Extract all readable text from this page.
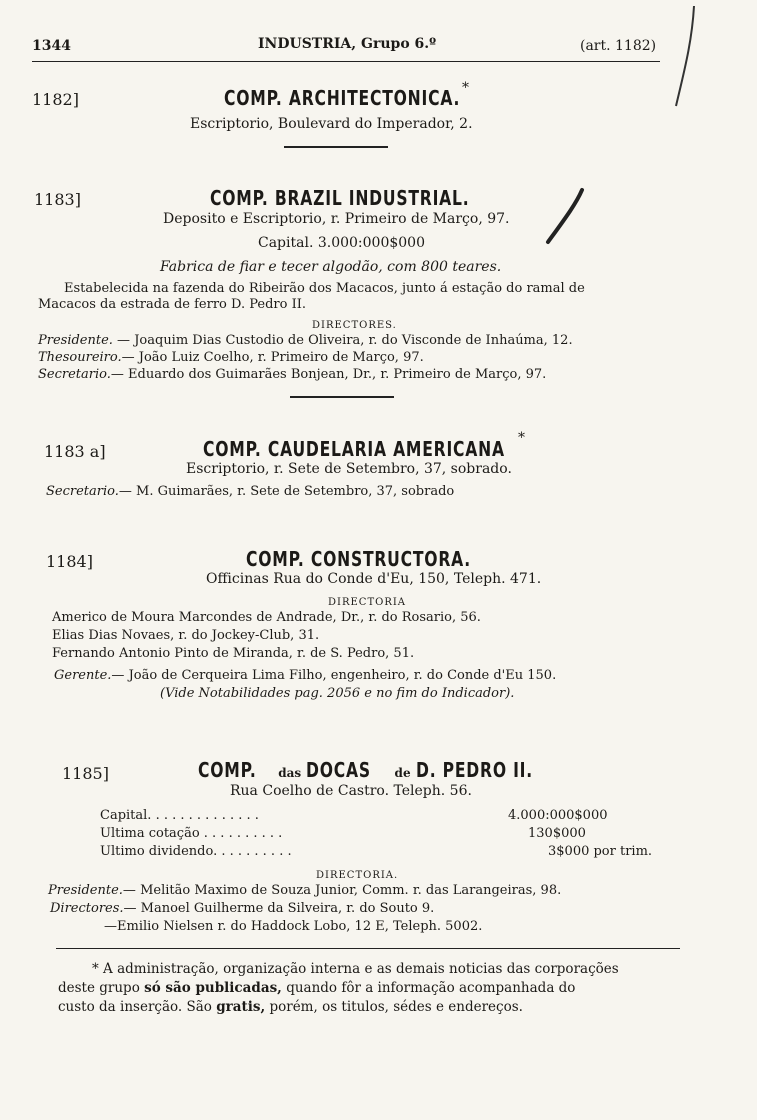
1344	INDUSTRIA, Grupo 6.º	(art. 1182)
1182]	COMP. ARCHITECTONICA. *
Escriptorio, Boulevard do Imperador, 2.
1183]	COMP. BRAZIL INDUSTRIAL.
Deposito e Escriptorio, r. Primeiro de Março, 97.
Capital. 3.000:000$000
Fabrica de fiar e tecer algodão, com 800 teares.
Estabelecida na fazenda do Ribeirão dos Macacos, junto á estação do ramal de
Macacos da estrada de ferro D. Pedro II.
DIRECTORES.
Presidente. — Joaquim Dias Custodio de Oliveira, r. do Visconde de Inhaúma, 12.
Thesoureiro.— João Luiz Coelho, r. Primeiro de Março, 97.
Secretario.— Eduardo dos Guimarães Bonjean, Dr., r. Primeiro de Março, 97.
1183 a]	COMP. CAUDELARIA AMERICANA *
Escriptorio, r. Sete de Setembro, 37, sobrado.
Secretario.— M. Guimarães, r. Sete de Setembro, 37, sobrado
1184]	COMP. CONSTRUCTORA.
Officinas Rua do Conde d'Eu, 150, Teleph. 471.
DIRECTORIA
Americo de Moura Marcondes de Andrade, Dr., r. do Rosario, 56.
Elias Dias Novaes, r. do Jockey-Club, 31.
Fernando Antonio Pinto de Miranda, r. de S. Pedro, 51.
Gerente.— João de Cerqueira Lima Filho, engenheiro, r. do Conde d'Eu 150.
(Vide Notabilidades pag. 2056 e no fim do Indicador).
1185]	COMP. das DOCAS de D. PEDRO II.
Rua Coelho de Castro. Teleph. 56.
Capital. . . . . . . . . . . . . .	4.000:000$000
Ultima cotação . . . . . . . . . .	130$000
Ultimo dividendo. . . . . . . . . .	3$000 por trim.
DIRECTORIA.
Presidente.— Melitão Maximo de Souza Junior, Comm. r. das Larangeiras, 98.
Directores.— Manoel Guilherme da Silveira, r. do Souto 9.
—Emilio Nielsen r. do Haddock Lobo, 12 E, Teleph. 5002.
* A administração, organização interna e as demais noticias das corporações
deste grupo só são publicadas, quando fôr a informação acompanhada do
custo da inserção. São gratis, porém, os titulos, sédes e endereços.
